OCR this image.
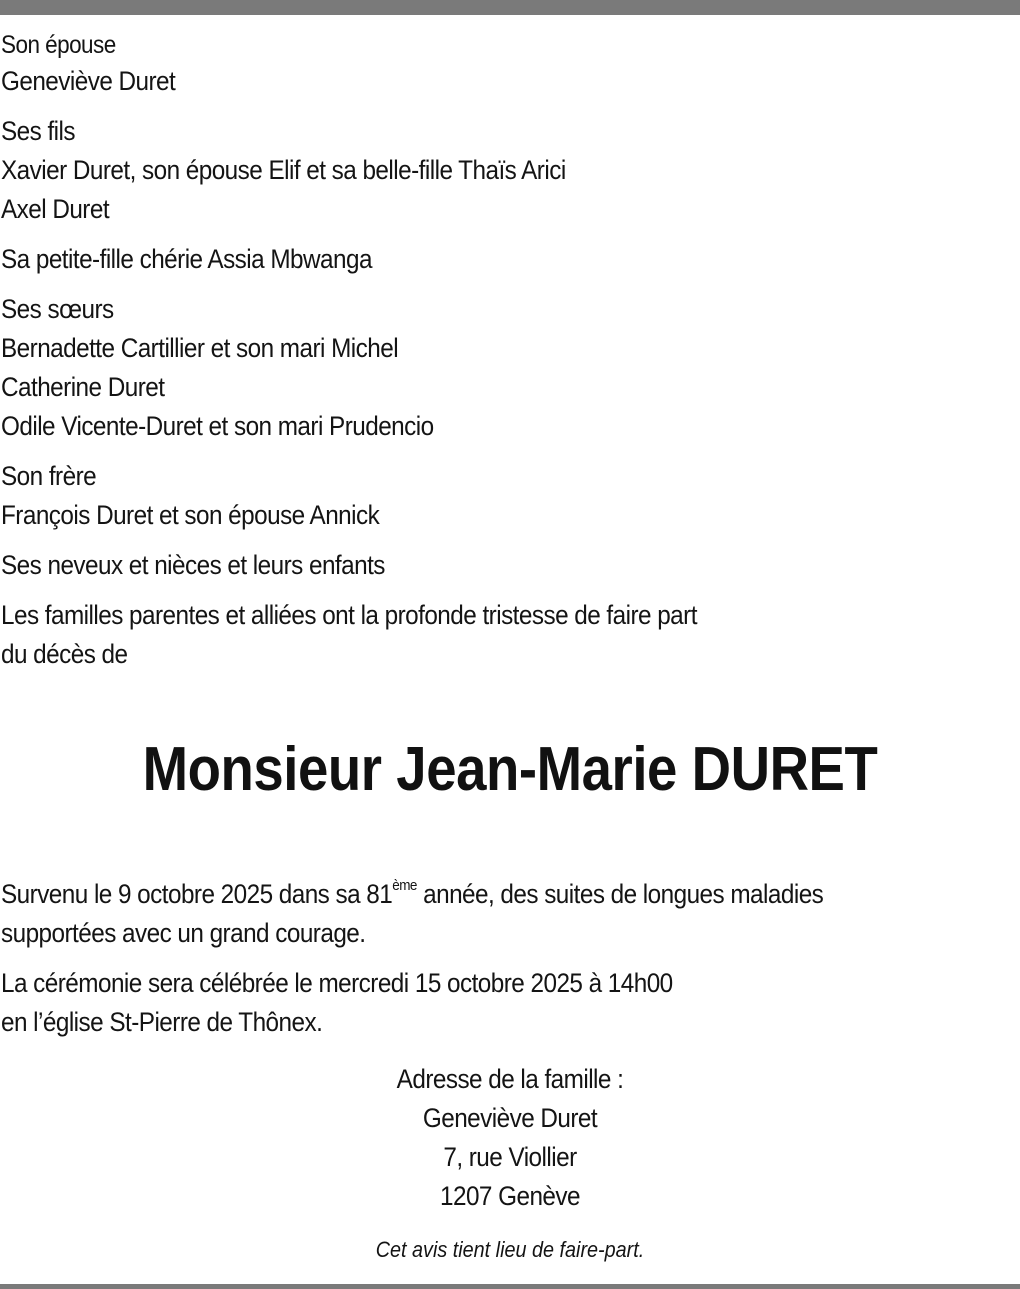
Son épouse
Geneviève Duret
Ses fils
Xavier Duret, son épouse Elif et sa belle-fille Thaïs Arici
Axel Duret
Sa petite-fille chérie Assia Mbwanga
Ses sœurs
Bernadette Cartillier et son mari Michel
Catherine Duret
Odile Vicente-Duret et son mari Prudencio
Son frère
François Duret et son épouse Annick
Ses neveux et nièces et leurs enfants
Les familles parentes et alliées ont la profonde tristesse de faire part
du décès de
Monsieur Jean-Marie DURET
Survenu le 9 octobre 2025 dans sa 81ème année, des suites de longues maladies
supportées avec un grand courage.
La cérémonie sera célébrée le mercredi 15 octobre 2025 à 14h00
en l’église St-Pierre de Thônex.
Adresse de la famille :
Geneviève Duret
7, rue Viollier
1207 Genève
Cet avis tient lieu de faire-part.
